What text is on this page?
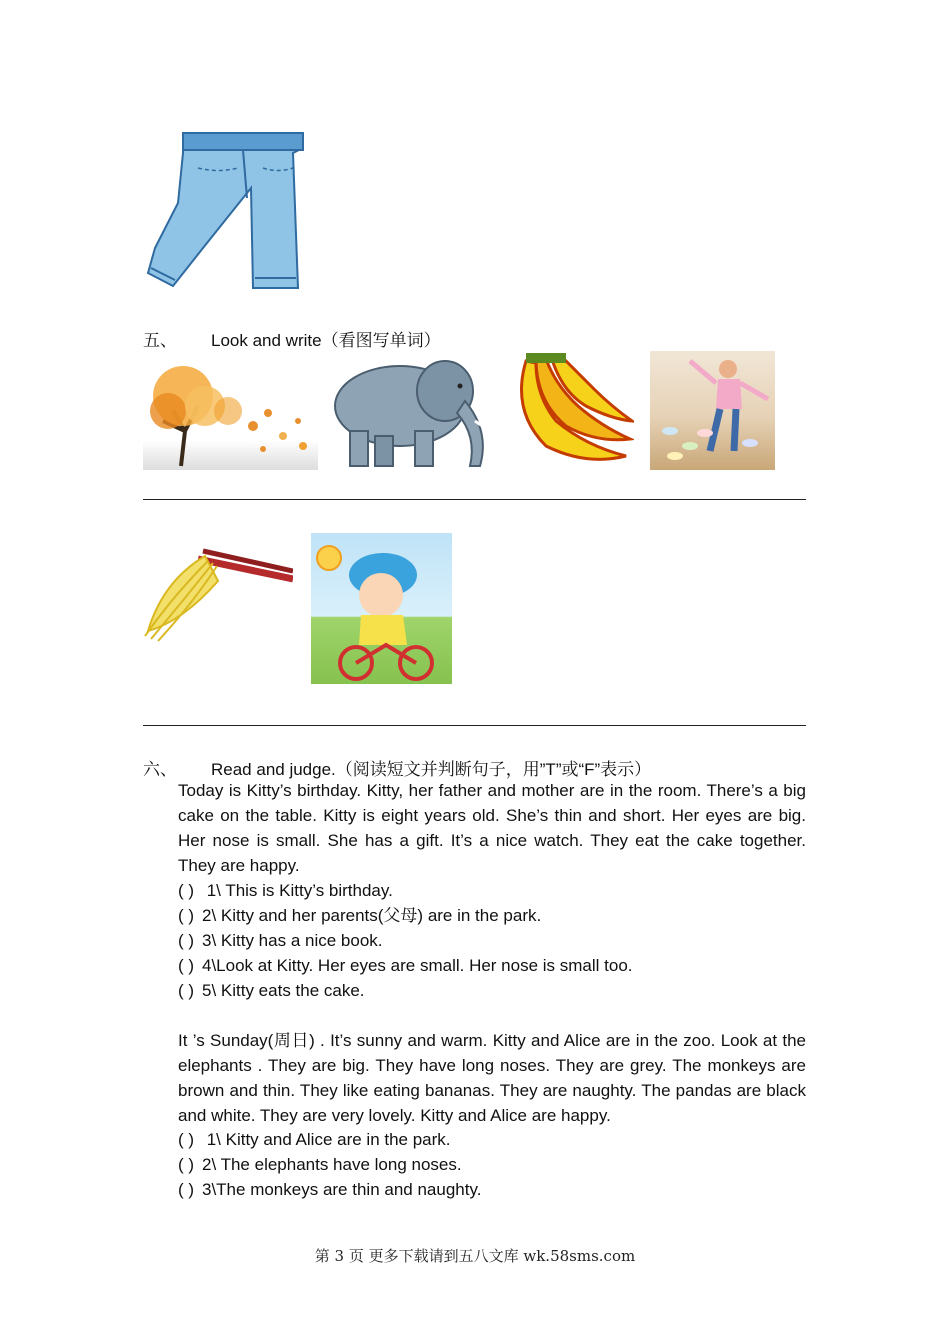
五、 Look and write（看图写单词）
六、 Read and judge.（阅读短文并判断句子，用”T”或“F”表示）
Today is Kitty’s birthday. Kitty, her father and mother are in the room. There’s a big cake on the table. Kitty is eight years old. She’s thin and short. Her eyes are big. Her nose is small. She has a gift. It’s a nice watch. They eat the cake together. They are happy.
( ) 1\ This is Kitty’s birthday.
( ) 2\ Kitty and her parents(父母) are in the park.
( ) 3\ Kitty has a nice book.
( ) 4\Look at Kitty. Her eyes are small. Her nose is small too.
( ) 5\ Kitty eats the cake.
It ’s Sunday(周日) . It’s sunny and warm. Kitty and Alice are in the zoo. Look at the elephants . They are big. They have long noses. They are grey. The monkeys are brown and thin. They like eating bananas. They are naughty. The pandas are black and white. They are very lovely. Kitty and Alice are happy.
( ) 1\ Kitty and Alice are in the park.
( ) 2\ The elephants have long noses.
( ) 3\The monkeys are thin and naughty.
第 3 页 更多下载请到五八文库 wk.58sms.com
